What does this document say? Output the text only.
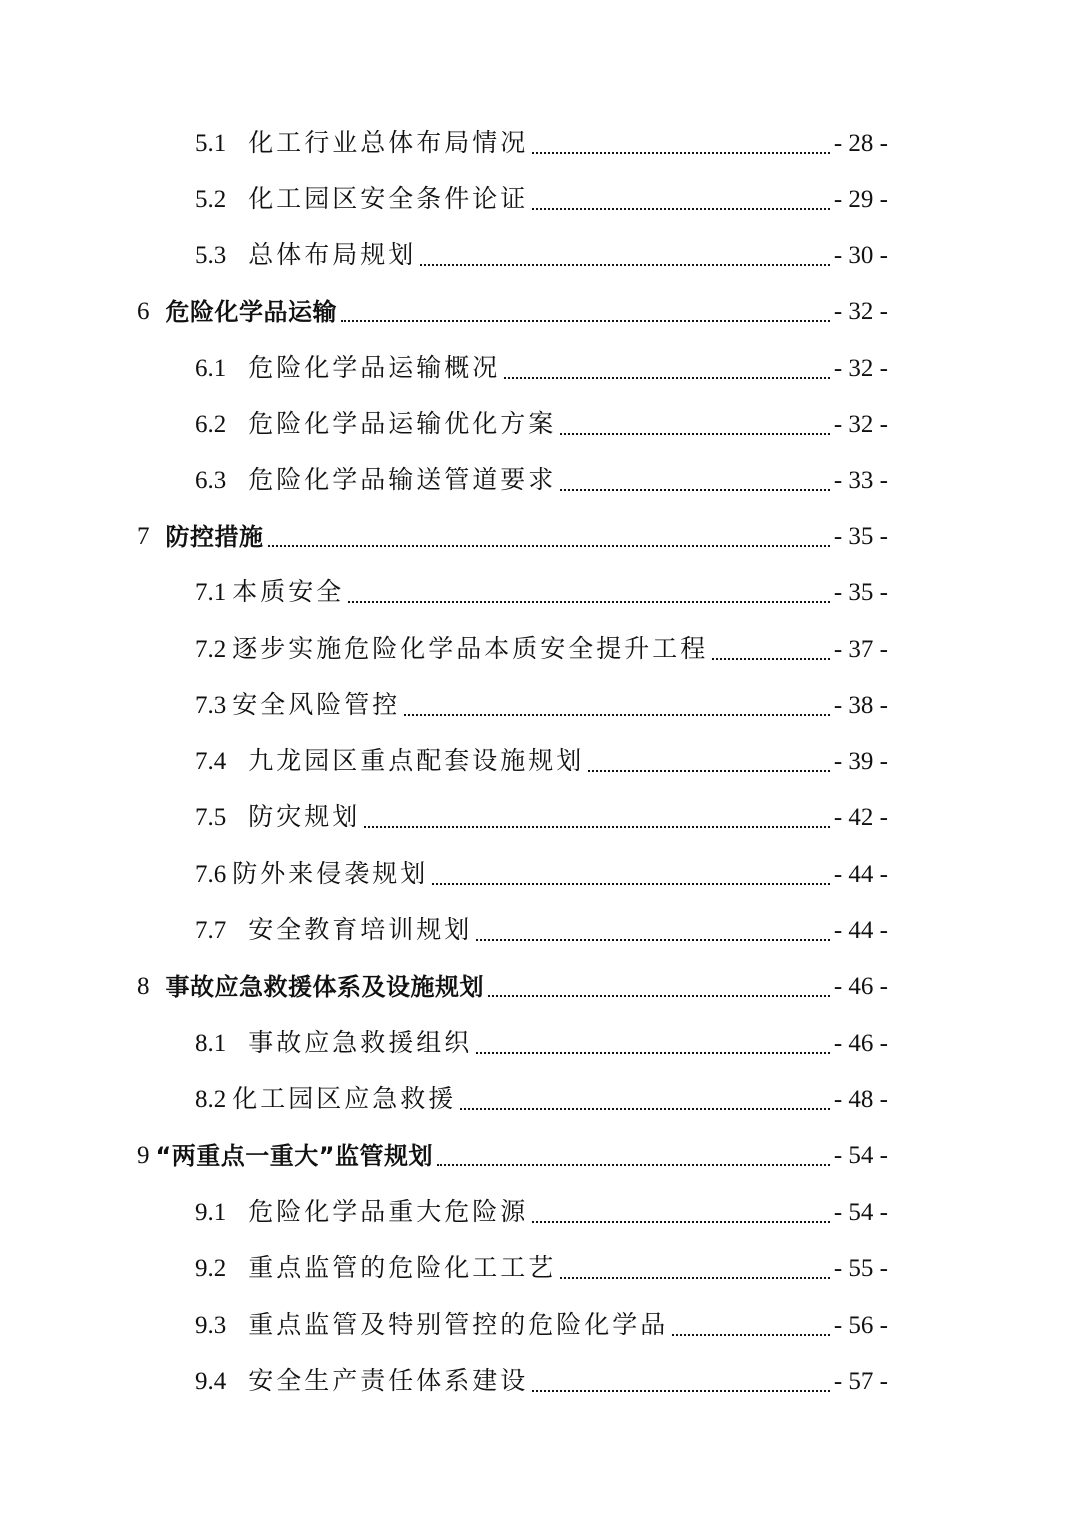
5.1 化工行业总体布局情况	- 28 -
5.2 化工园区安全条件论证	- 29 -
5.3 总体布局规划	- 30 -
6 危险化学品运输	- 32 -
6.1 危险化学品运输概况	- 32 -
6.2 危险化学品运输优化方案	- 32 -
6.3 危险化学品输送管道要求	- 33 -
7 防控措施	- 35 -
7.1 本质安全	- 35 -
7.2 逐步实施危险化学品本质安全提升工程	- 37 -
7.3 安全风险管控	- 38 -
7.4 九龙园区重点配套设施规划	- 39 -
7.5 防灾规划	- 42 -
7.6 防外来侵袭规划	- 44 -
7.7 安全教育培训规划	- 44 -
8 事故应急救援体系及设施规划	- 46 -
8.1 事故应急救援组织	- 46 -
8.2 化工园区应急救援	- 48 -
9 “两重点一重大”监管规划	- 54 -
9.1 危险化学品重大危险源	- 54 -
9.2 重点监管的危险化工工艺	- 55 -
9.3 重点监管及特别管控的危险化学品	- 56 -
9.4 安全生产责任体系建设	- 57 -
